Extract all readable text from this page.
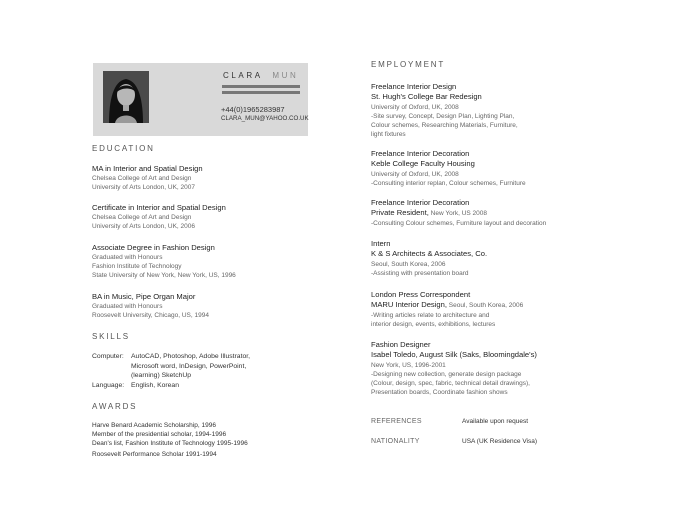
CLARA MUN
+44(0)1965283987
CLARA_MUN@YAHOO.CO.UK
EDUCATION
MA in Interior and Spatial Design
Chelsea College of Art and Design
University of Arts London, UK, 2007
Certificate in Interior and Spatial Design
Chelsea College of Art and Design
University of Arts London, UK, 2006
Associate Degree in Fashion Design
Graduated with Honours
Fashion Institute of Technology
State University of New York, New York, US, 1996
BA in Music, Pipe Organ Major
Graduated with Honours
Roosevelt University, Chicago, US, 1994
SKILLS
Computer:	AutoCAD, Photoshop, Adobe Illustrator,
Microsoft word, InDesign, PowerPoint,
(learning) SketchUp
Language:	English, Korean
AWARDS
Harve Benard Academic Scholarship, 1996
Member of the presidential scholar, 1994-1996
Dean's list, Fashion Institute of Technology 1995-1996
Roosevelt Performance Scholar 1991-1994
EMPLOYMENT
Freelance Interior Design
St. Hugh's College Bar Redesign
University of Oxford, UK, 2008
-Site survey, Concept, Design Plan, Lighting Plan,
Colour schemes, Researching Materials, Furniture,
light fixtures
Freelance Interior Decoration
Keble College Faculty Housing
University of Oxford, UK, 2008
-Consulting interior replan, Colour schemes, Furniture
Freelance Interior Decoration
Private Resident, New York, US 2008
-Consulting Colour schemes, Furniture layout and decoration
Intern
K & S Architects & Associates, Co.
Seoul, South Korea, 2006
-Assisting with presentation board
London Press Correspondent
MARU Interior Design, Seoul, South Korea, 2006
-Writing articles relate to architecture and
interior design, events, exhibitions, lectures
Fashion Designer
Isabel Toledo, August Silk (Saks, Bloomingdale's)
New York, US, 1996-2001
-Designing new collection, generate design package
(Colour, design, spec, fabric, technical detail drawings),
Presentation boards, Coordinate fashion shows
REFERENCES	Available upon request
NATIONALITY	USA (UK Residence Visa)
